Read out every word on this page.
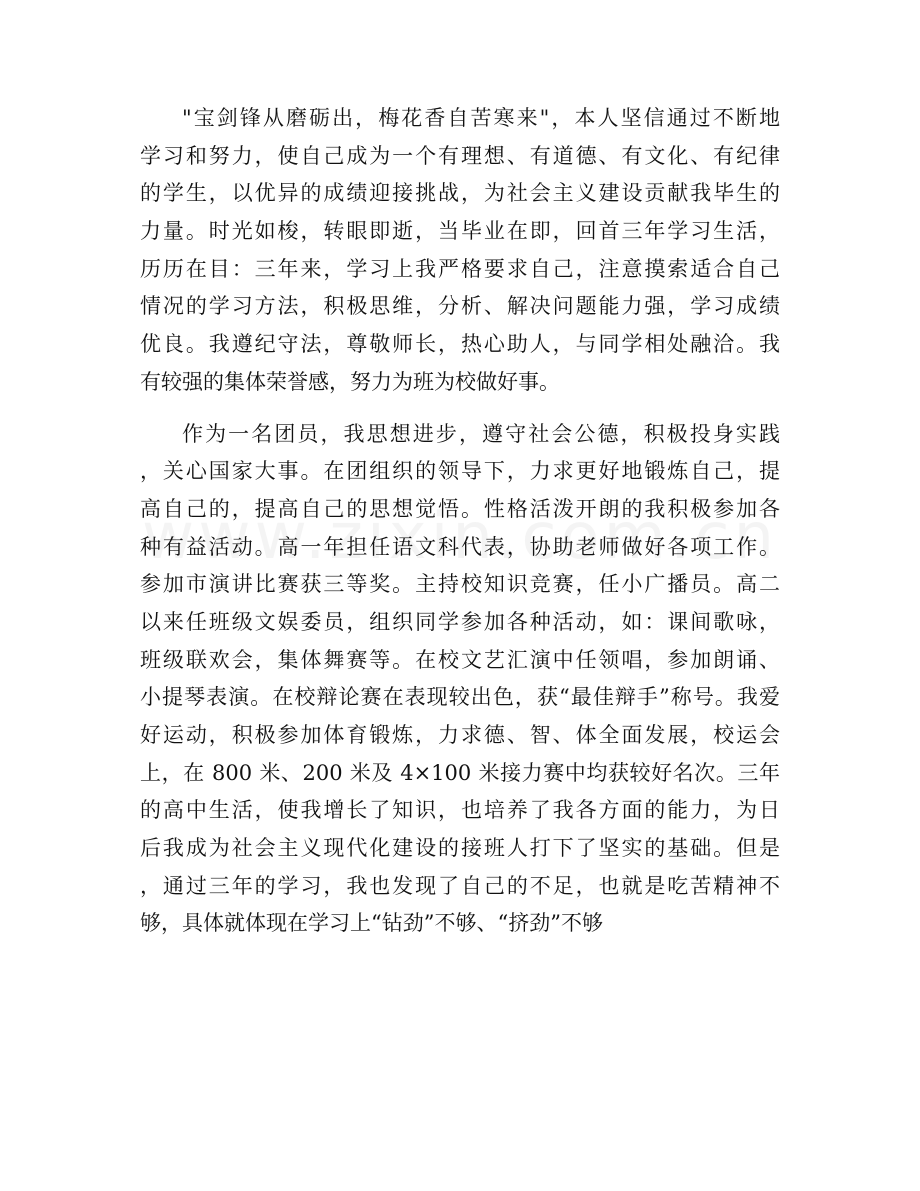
"宝剑锋从磨砺出，梅花香自苦寒来"，本人坚信通过不断地
学习和努力，使自己成为一个有理想、有道德、有文化、有纪律
的学生，以优异的成绩迎接挑战，为社会主义建设贡献我毕生的
力量。时光如梭，转眼即逝，当毕业在即，回首三年学习生活，
历历在目：三年来，学习上我严格要求自己，注意摸索适合自己
情况的学习方法，积极思维，分析、解决问题能力强，学习成绩
优良。我遵纪守法，尊敬师长，热心助人，与同学相处融洽。我
有较强的集体荣誉感，努力为班为校做好事。

作为一名团员，我思想进步，遵守社会公德，积极投身实践
，关心国家大事。在团组织的领导下，力求更好地锻炼自己，提
高自己的，提高自己的思想觉悟。性格活泼开朗的我积极参加各
种有益活动。高一年担任语文科代表，协助老师做好各项工作。
参加市演讲比赛获三等奖。主持校知识竞赛，任小广播员。高二
以来任班级文娱委员，组织同学参加各种活动，如：课间歌咏，
班级联欢会，集体舞赛等。在校文艺汇演中任领唱，参加朗诵、
小提琴表演。在校辩论赛在表现较出色，获“最佳辩手”称号。我爱
好运动，积极参加体育锻炼，力求德、智、体全面发展，校运会
上，在 800 米、200 米及 4×100 米接力赛中均获较好名次。三年
的高中生活，使我增长了知识，也培养了我各方面的能力，为日
后我成为社会主义现代化建设的接班人打下了坚实的基础。但是
，通过三年的学习，我也发现了自己的不足，也就是吃苦精神不
够，具体就体现在学习上“钻劲”不够、“挤劲”不够
